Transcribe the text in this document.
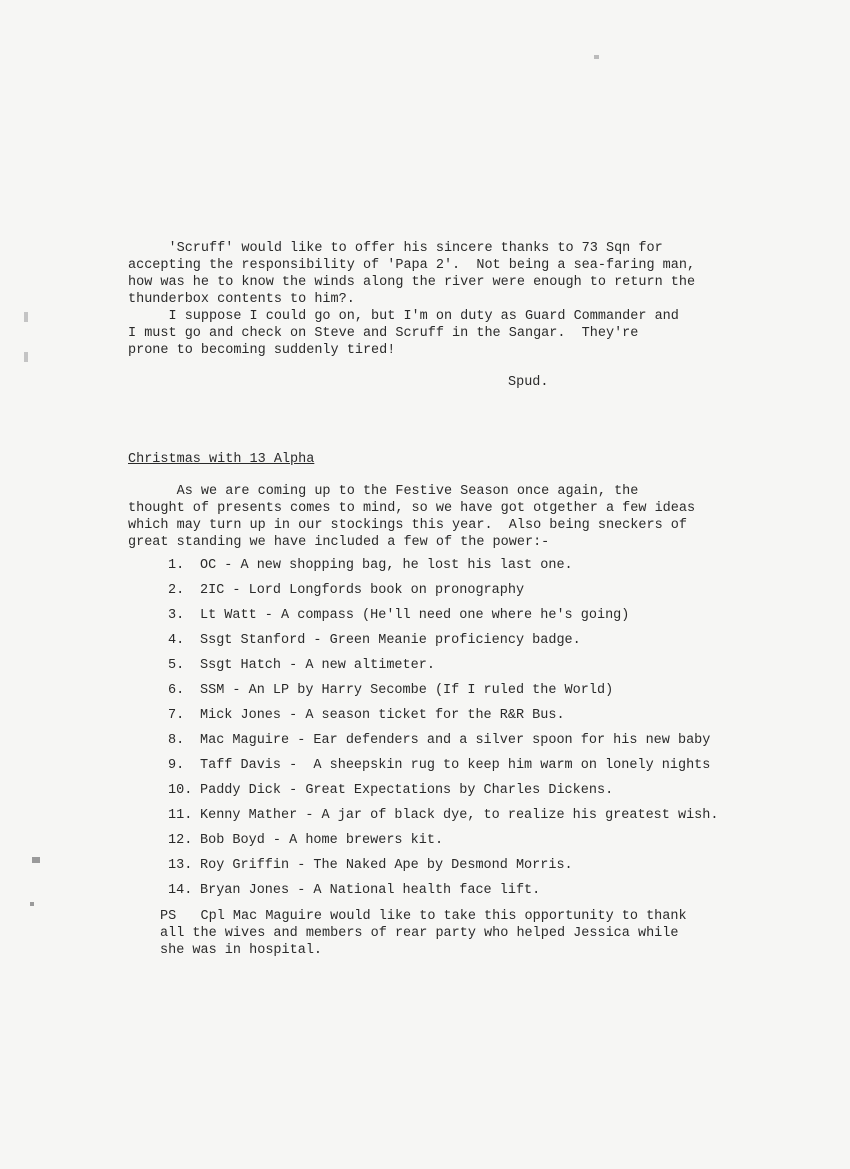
'Scruff' would like to offer his sincere thanks to 73 Sqn for

accepting the responsibility of 'Papa 2'.  Not being a sea-faring man,

how was he to know the winds along the river were enough to return the

thunderbox contents to him?.

I suppose I could go on, but I'm on duty as Guard Commander and

I must go and check on Steve and Scruff in the Sangar.  They're

prone to becoming suddenly tired!

Spud.
Christmas with 13 Alpha

As we are coming up to the Festive Season once again, the

thought of presents comes to mind, so we have got otgether a few ideas

which may turn up in our stockings this year.  Also being sneckers of

great standing we have included a few of the power:-

1.	OC - A new shopping bag, he lost his last one.
2.	2IC - Lord Longfords book on pronography
3.	Lt Watt - A compass (He'll need one where he's going)
4.	Ssgt Stanford - Green Meanie proficiency badge.
5.	Ssgt Hatch - A new altimeter.
6.	SSM - An LP by Harry Secombe (If I ruled the World)
7.	Mick Jones - A season ticket for the R&R Bus.
8.	Mac Maguire - Ear defenders and a silver spoon for his new baby
9.	Taff Davis -  A sheepskin rug to keep him warm on lonely nights
10. Paddy Dick - Great Expectations by Charles Dickens.
11. Kenny Mather - A jar of black dye, to realize his greatest wish.
12. Bob Boyd - A home brewers kit.
13. Roy Griffin - The Naked Ape by Desmond Morris.
14. Bryan Jones - A National health face lift.

PS   Cpl Mac Maguire would like to take this opportunity to thank

all the wives and members of rear party who helped Jessica while

she was in hospital.
